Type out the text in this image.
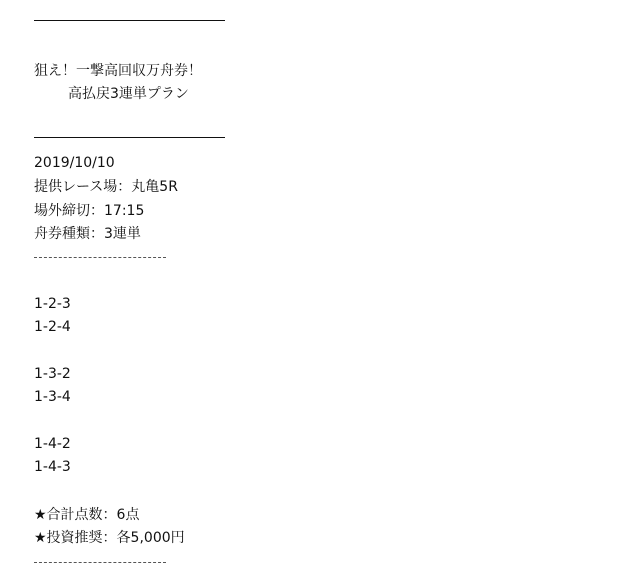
狙え！一撃高回収万舟券！
高払戻3連単プラン
2019/10/10
提供レース場：丸亀5R
場外締切：17:15
舟券種類：3連単
1-2-3
1-2-4
1-3-2
1-3-4
1-4-2
1-4-3
★合計点数：6点
★投資推奨：各5,000円
